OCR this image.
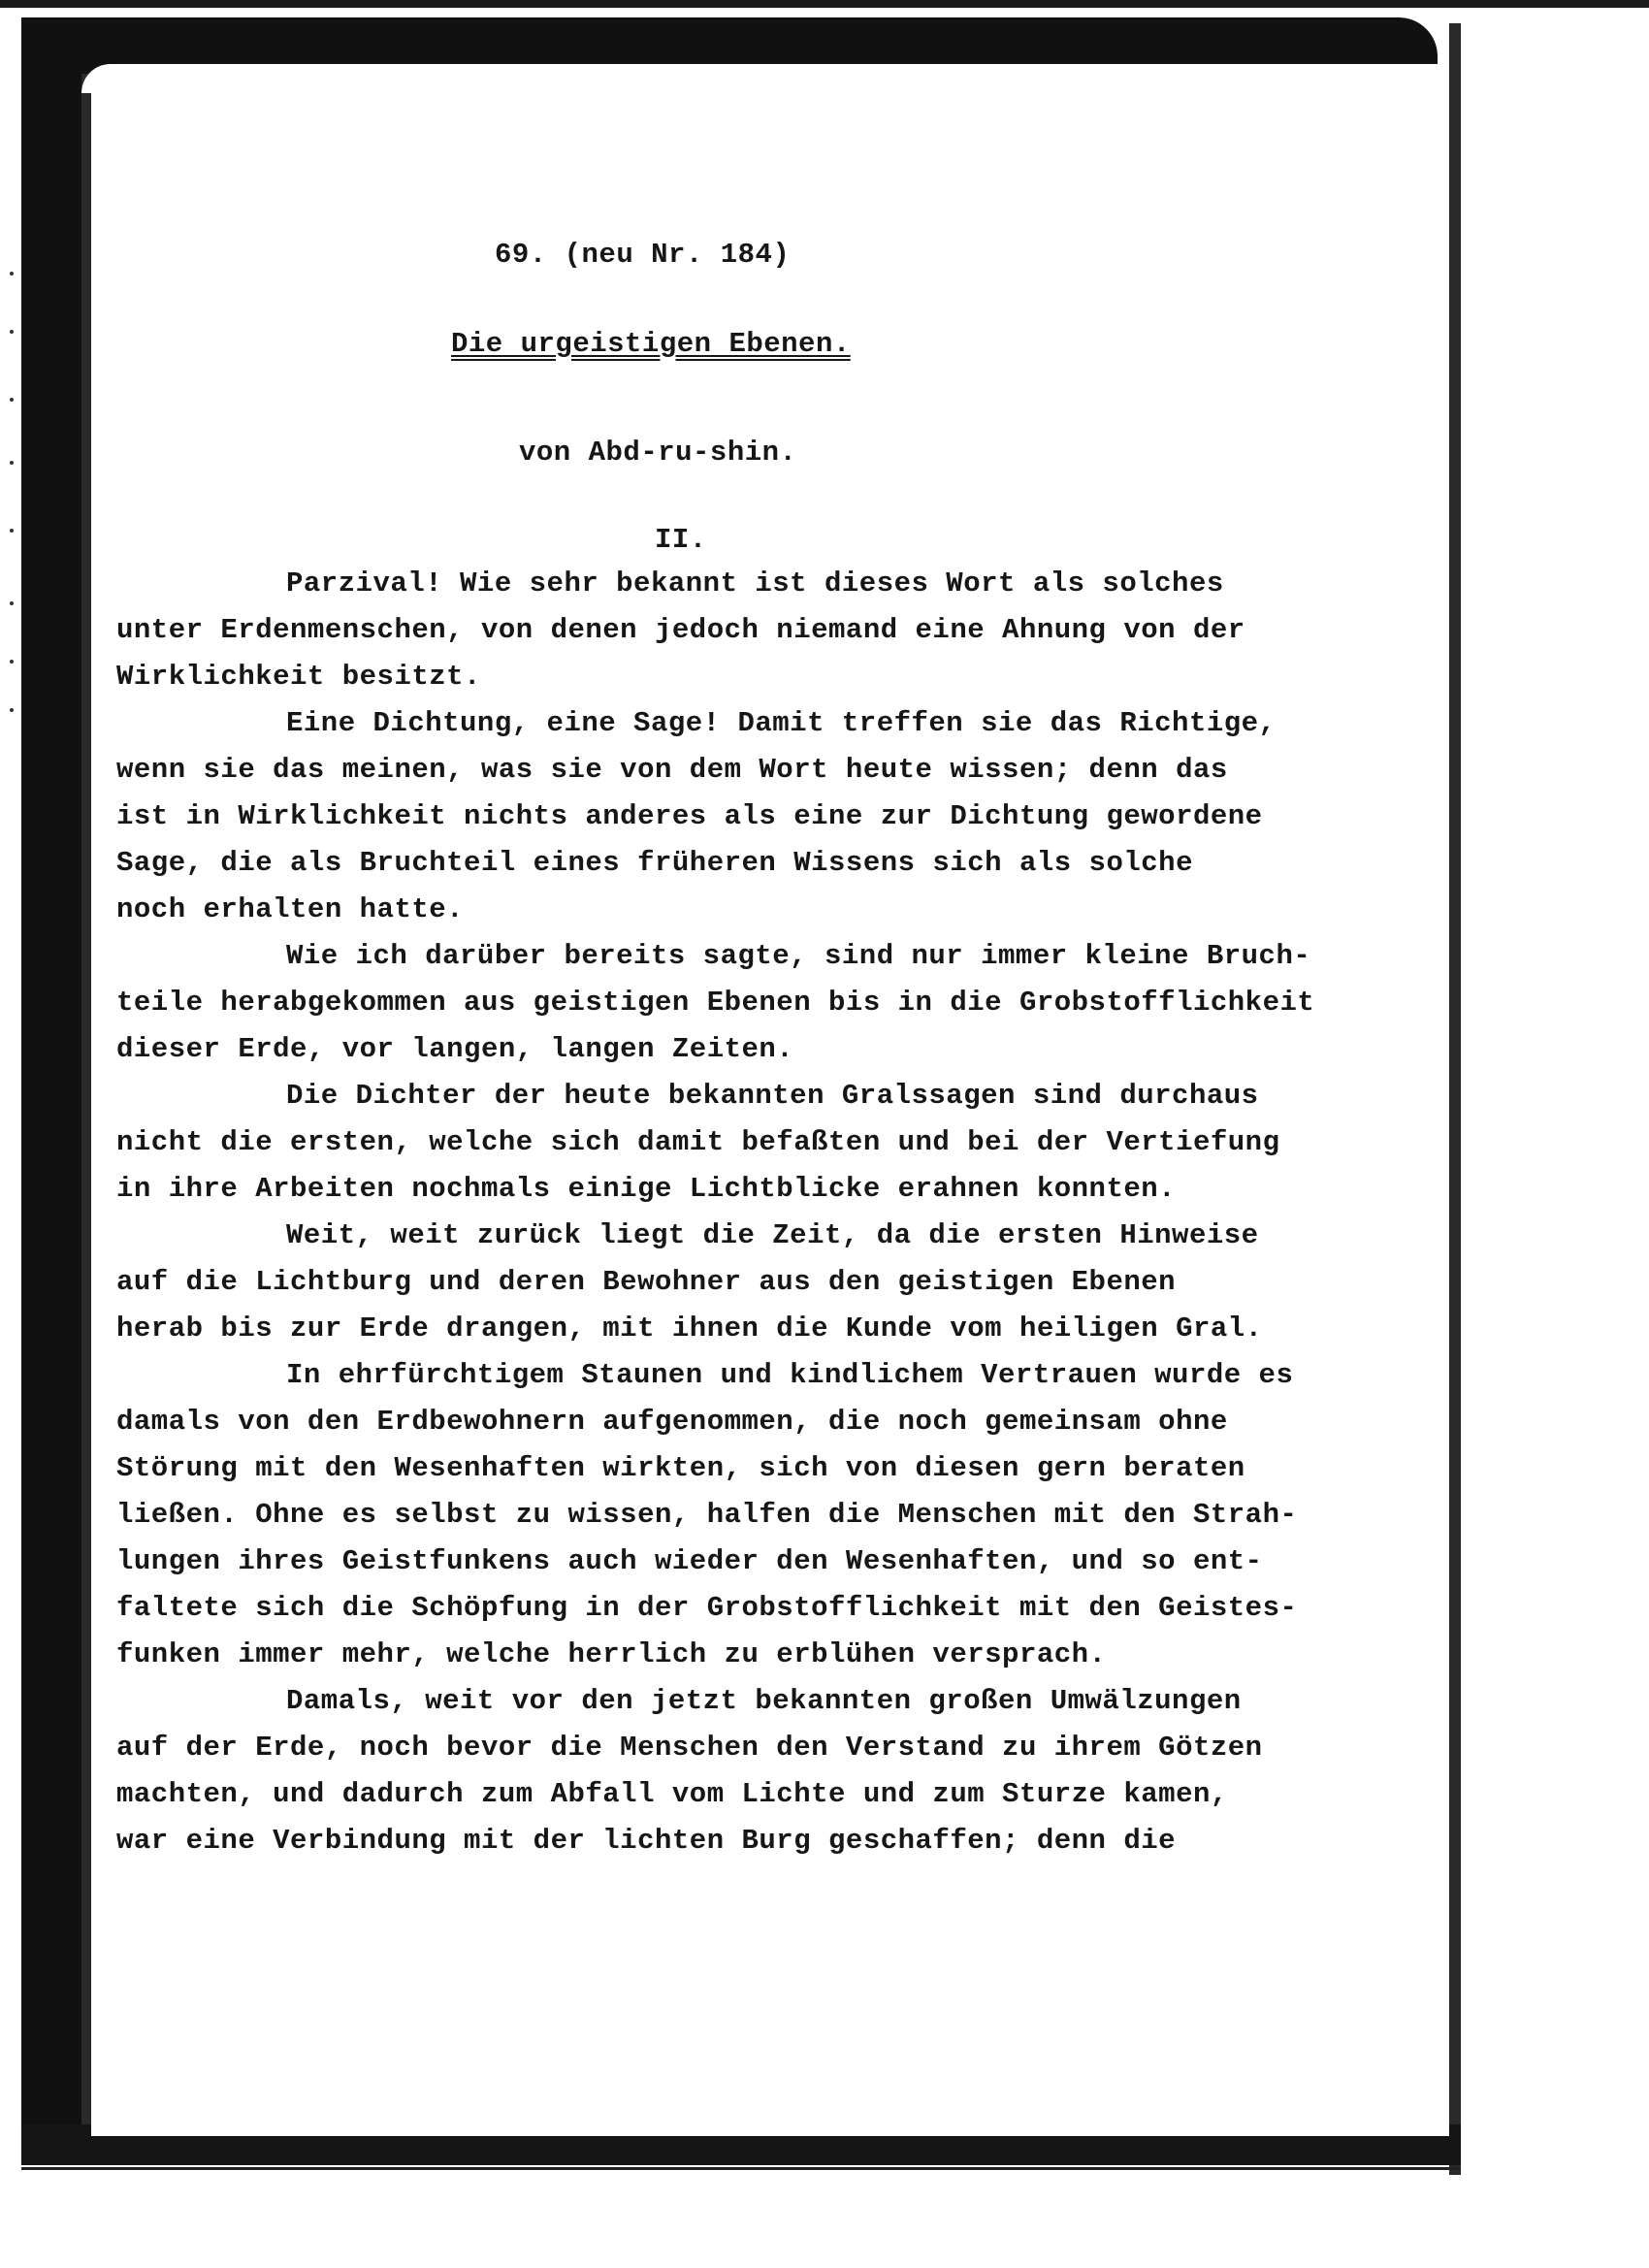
69. (neu Nr. 184)
Die urgeistigen Ebenen.
von Abd-ru-shin.
II.
Parzival! Wie sehr bekannt ist dieses Wort als solches
unter Erdenmenschen, von denen jedoch niemand eine Ahnung von der
Wirklichkeit besitzt.
Eine Dichtung, eine Sage! Damit treffen sie das Richtige,
wenn sie das meinen, was sie von dem Wort heute wissen; denn das
ist in Wirklichkeit nichts anderes als eine zur Dichtung gewordene
Sage, die als Bruchteil eines früheren Wissens sich als solche
noch erhalten hatte.
Wie ich darüber bereits sagte, sind nur immer kleine Bruch-
teile herabgekommen aus geistigen Ebenen bis in die Grobstofflichkeit
dieser Erde, vor langen, langen Zeiten.
Die Dichter der heute bekannten Gralssagen sind durchaus
nicht die ersten, welche sich damit befaßten und bei der Vertiefung
in ihre Arbeiten nochmals einige Lichtblicke erahnen konnten.
Weit, weit zurück liegt die Zeit, da die ersten Hinweise
auf die Lichtburg und deren Bewohner aus den geistigen Ebenen
herab bis zur Erde drangen, mit ihnen die Kunde vom heiligen Gral.
In ehrfürchtigem Staunen und kindlichem Vertrauen wurde es
damals von den Erdbewohnern aufgenommen, die noch gemeinsam ohne
Störung mit den Wesenhaften wirkten, sich von diesen gern beraten
ließen. Ohne es selbst zu wissen, halfen die Menschen mit den Strah-
lungen ihres Geistfunkens auch wieder den Wesenhaften, und so ent-
faltete sich die Schöpfung in der Grobstofflichkeit mit den Geistes-
funken immer mehr, welche herrlich zu erblühen versprach.
Damals, weit vor den jetzt bekannten großen Umwälzungen
auf der Erde, noch bevor die Menschen den Verstand zu ihrem Götzen
machten, und dadurch zum Abfall vom Lichte und zum Sturze kamen,
war eine Verbindung mit der lichten Burg geschaffen; denn die
